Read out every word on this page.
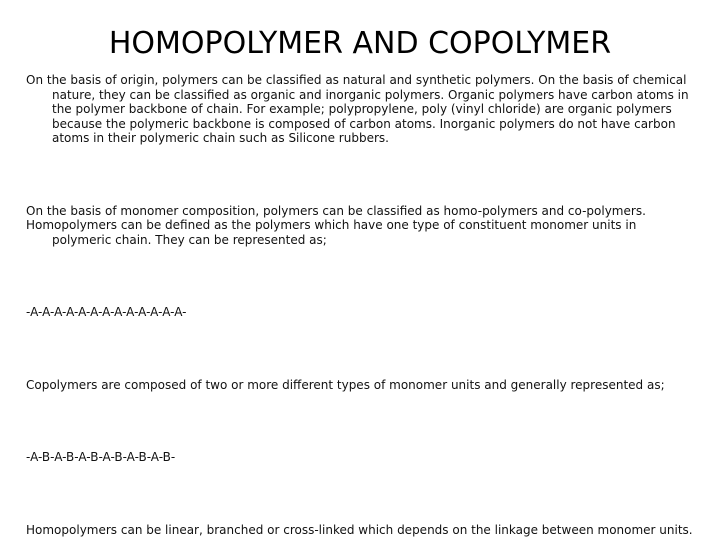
HOMOPOLYMER AND COPOLYMER

On the basis of origin, polymers can be classified as natural and synthetic polymers. On the basis of chemical nature, they can be classified as organic and inorganic polymers. Organic polymers have carbon atoms in the polymer backbone of chain. For example; polypropylene, poly (vinyl chloride) are organic polymers because the polymeric backbone is composed of carbon atoms. Inorganic polymers do not have carbon atoms in their polymeric chain such as Silicone rubbers.

On the basis of monomer composition, polymers can be classified as homo-polymers and co-polymers.

Homopolymers can be defined as the polymers which have one type of constituent monomer units in polymeric chain. They can be represented as;

-A-A-A-A-A-A-A-A-A-A-A-A-A-

Copolymers are composed of two or more different types of monomer units and generally represented as;

-A-B-A-B-A-B-A-B-A-B-A-B-

Homopolymers can be linear, branched or cross-linked which depends on the linkage between monomer units.
